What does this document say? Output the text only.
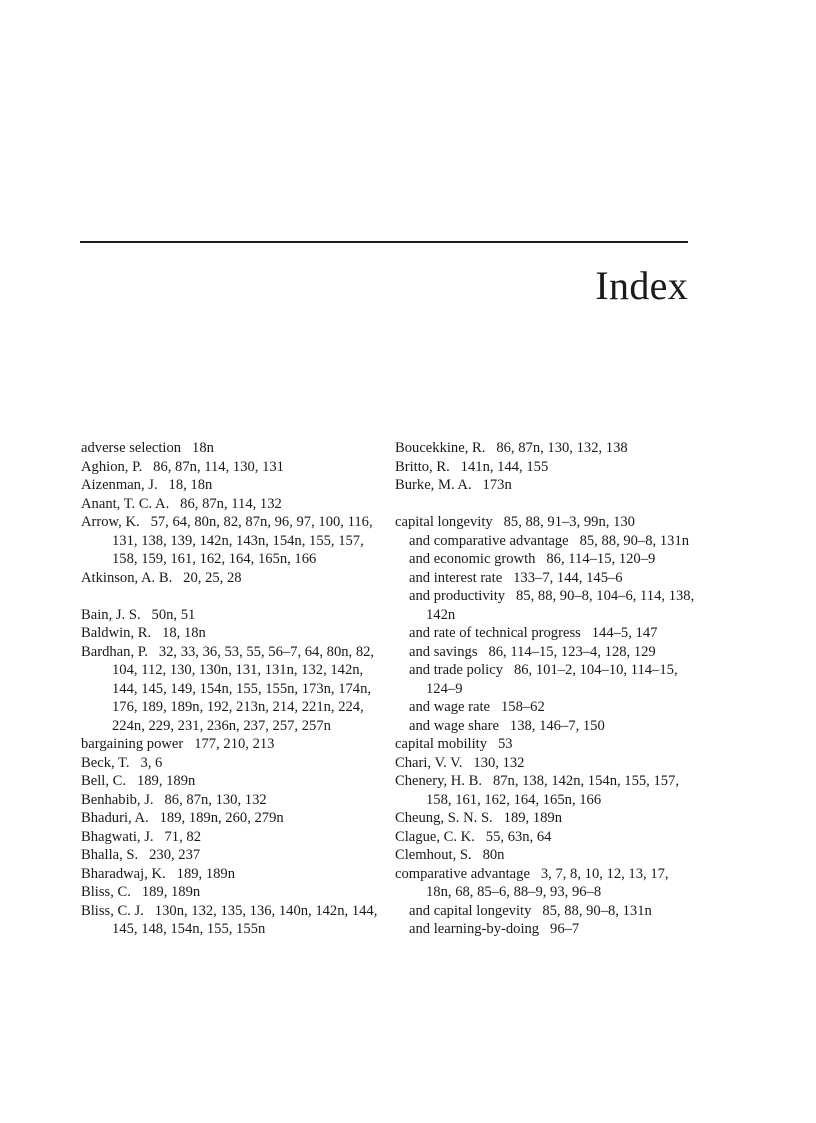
Index

adverse selection   18n

Aghion, P.   86, 87n, 114, 130, 131

Aizenman, J.   18, 18n

Anant, T. C. A.   86, 87n, 114, 132

Arrow, K.   57, 64, 80n, 82, 87n, 96, 97, 100, 116, 131, 138, 139, 142n, 143n, 154n, 155, 157, 158, 159, 161, 162, 164, 165n, 166

Atkinson, A. B.   20, 25, 28

Bain, J. S.   50n, 51

Baldwin, R.   18, 18n

Bardhan, P.   32, 33, 36, 53, 55, 56–7, 64, 80n, 82, 104, 112, 130, 130n, 131, 131n, 132, 142n, 144, 145, 149, 154n, 155, 155n, 173n, 174n, 176, 189, 189n, 192, 213n, 214, 221n, 224, 224n, 229, 231, 236n, 237, 257, 257n

bargaining power   177, 210, 213

Beck, T.   3, 6

Bell, C.   189, 189n

Benhabib, J.   86, 87n, 130, 132

Bhaduri, A.   189, 189n, 260, 279n

Bhagwati, J.   71, 82

Bhalla, S.   230, 237

Bharadwaj, K.   189, 189n

Bliss, C.   189, 189n

Bliss, C. J.   130n, 132, 135, 136, 140n, 142n, 144, 145, 148, 154n, 155, 155n

Boucekkine, R.   86, 87n, 130, 132, 138

Britto, R.   141n, 144, 155

Burke, M. A.   173n

capital longevity   85, 88, 91–3, 99n, 130

and comparative advantage   85, 88, 90–8, 131n

and economic growth   86, 114–15, 120–9

and interest rate   133–7, 144, 145–6

and productivity   85, 88, 90–8, 104–6, 114, 138, 142n

and rate of technical progress   144–5, 147

and savings   86, 114–15, 123–4, 128, 129

and trade policy   86, 101–2, 104–10, 114–15, 124–9

and wage rate   158–62

and wage share   138, 146–7, 150

capital mobility   53

Chari, V. V.   130, 132

Chenery, H. B.   87n, 138, 142n, 154n, 155, 157, 158, 161, 162, 164, 165n, 166

Cheung, S. N. S.   189, 189n

Clague, C. K.   55, 63n, 64

Clemhout, S.   80n

comparative advantage   3, 7, 8, 10, 12, 13, 17, 18n, 68, 85–6, 88–9, 93, 96–8

and capital longevity   85, 88, 90–8, 131n

and learning-by-doing   96–7
